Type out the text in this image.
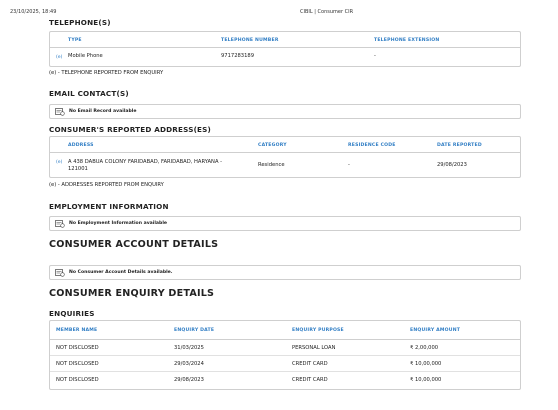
23/10/2025, 18:49	CIBIL | Consumer CIR
TELEPHONE(S)
TYPE	TELEPHONE NUMBER	TELEPHONE EXTENSION
(e) Mobile Phone	9717283189	-
(e) - TELEPHONE REPORTED FROM ENQUIRY
EMAIL CONTACT(S)
No Email Record available
CONSUMER'S REPORTED ADDRESS(ES)
ADDRESS	CATEGORY	RESIDENCE CODE	DATE REPORTED
(e) A 438 DABUA COLONY FARIDABAD, FARIDABAD, HARYANA -
121001
Residence	-	29/08/2023
(e) - ADDRESSES REPORTED FROM ENQUIRY
EMPLOYMENT INFORMATION
No Employment Information available
CONSUMER ACCOUNT DETAILS
No Consumer Account Details available.
CONSUMER ENQUIRY DETAILS
ENQUIRIES
MEMBER NAME	ENQUIRY DATE	ENQUIRY PURPOSE	ENQUIRY AMOUNT
NOT DISCLOSED	31/03/2025	PERSONAL LOAN	₹ 2,00,000
NOT DISCLOSED	29/03/2024	CREDIT CARD	₹ 10,00,000
NOT DISCLOSED	29/08/2023	CREDIT CARD	₹ 10,00,000
